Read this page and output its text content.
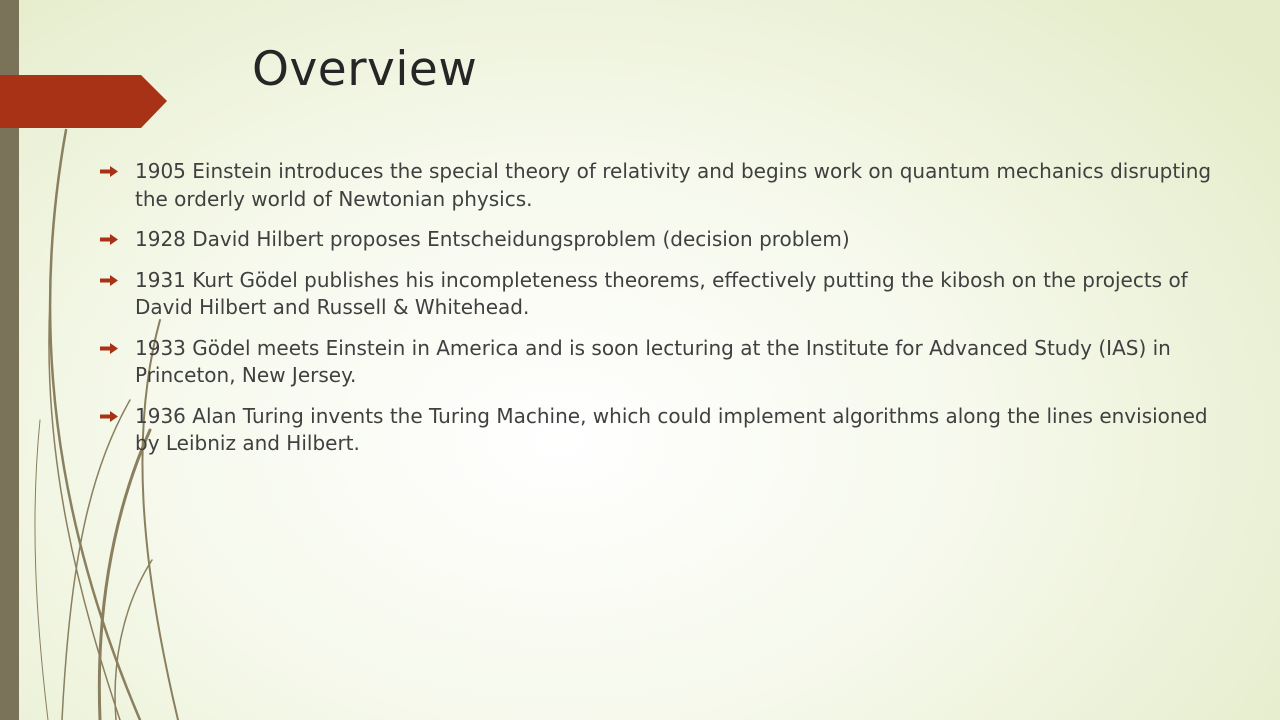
Overview
1905 Einstein introduces the special theory of relativity and begins work on quantum mechanics disrupting the orderly world of Newtonian physics.
1928 David Hilbert proposes Entscheidungsproblem (decision problem)
1931 Kurt Gödel publishes his incompleteness theorems, effectively putting the kibosh on the projects of David Hilbert and Russell & Whitehead.
1933 Gödel meets Einstein in America and is soon lecturing at the Institute for Advanced Study (IAS) in Princeton, New Jersey.
1936 Alan Turing invents the Turing Machine, which could implement algorithms along the lines envisioned by Leibniz and Hilbert.
